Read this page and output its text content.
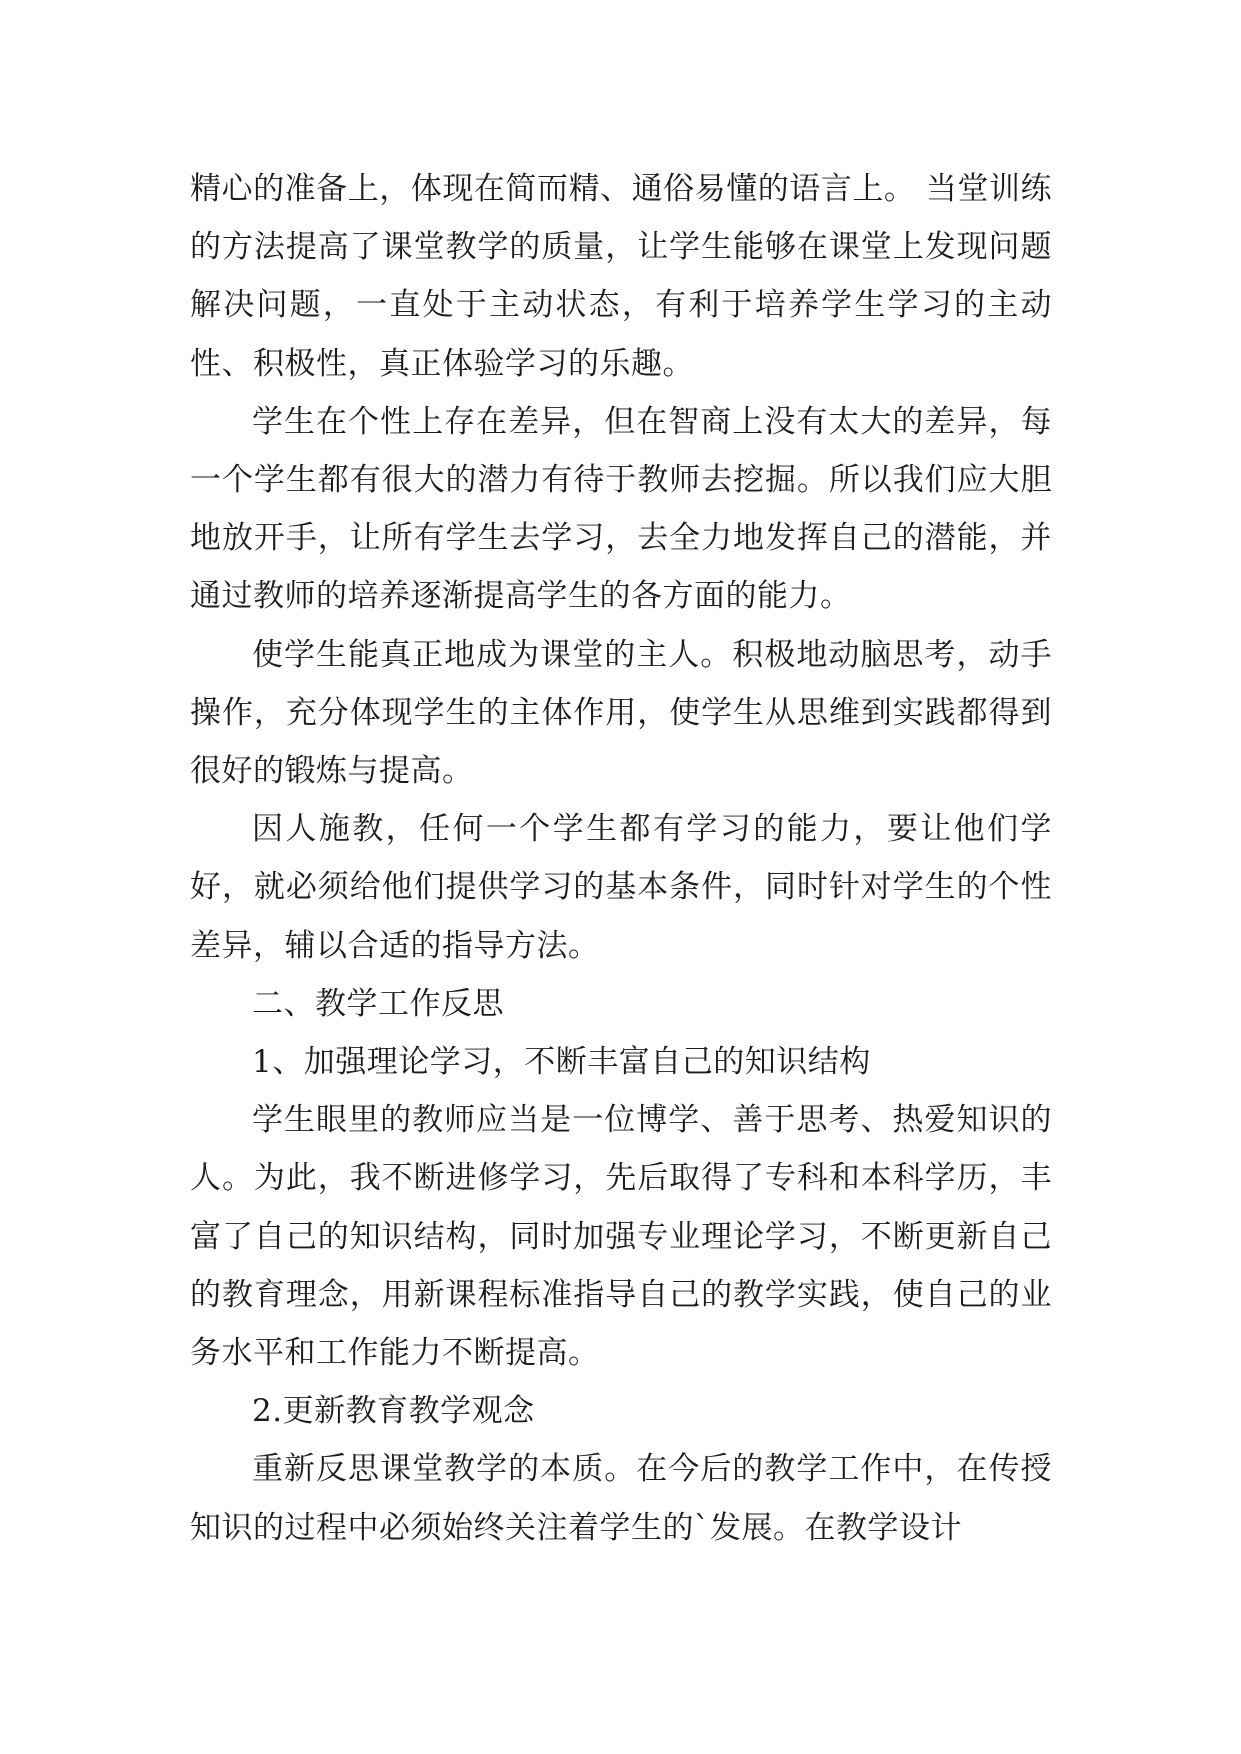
精心的准备上，体现在简而精、通俗易懂的语言上。 当堂训练的方法提高了课堂教学的质量，让学生能够在课堂上发现问题解决问题，一直处于主动状态，有利于培养学生学习的主动性、积极性，真正体验学习的乐趣。

学生在个性上存在差异，但在智商上没有太大的差异，每一个学生都有很大的潜力有待于教师去挖掘。所以我们应大胆地放开手，让所有学生去学习，去全力地发挥自己的潜能，并通过教师的培养逐渐提高学生的各方面的能力。

使学生能真正地成为课堂的主人。积极地动脑思考，动手操作，充分体现学生的主体作用，使学生从思维到实践都得到很好的锻炼与提高。

因人施教，任何一个学生都有学习的能力，要让他们学好，就必须给他们提供学习的基本条件，同时针对学生的个性差异，辅以合适的指导方法。

二、教学工作反思

1、加强理论学习，不断丰富自己的知识结构

学生眼里的教师应当是一位博学、善于思考、热爱知识的人。为此，我不断进修学习，先后取得了专科和本科学历，丰富了自己的知识结构，同时加强专业理论学习，不断更新自己的教育理念，用新课程标准指导自己的教学实践，使自己的业务水平和工作能力不断提高。

2.更新教育教学观念

重新反思课堂教学的本质。在今后的教学工作中，在传授知识的过程中必须始终关注着学生的`发展。在教学设计
